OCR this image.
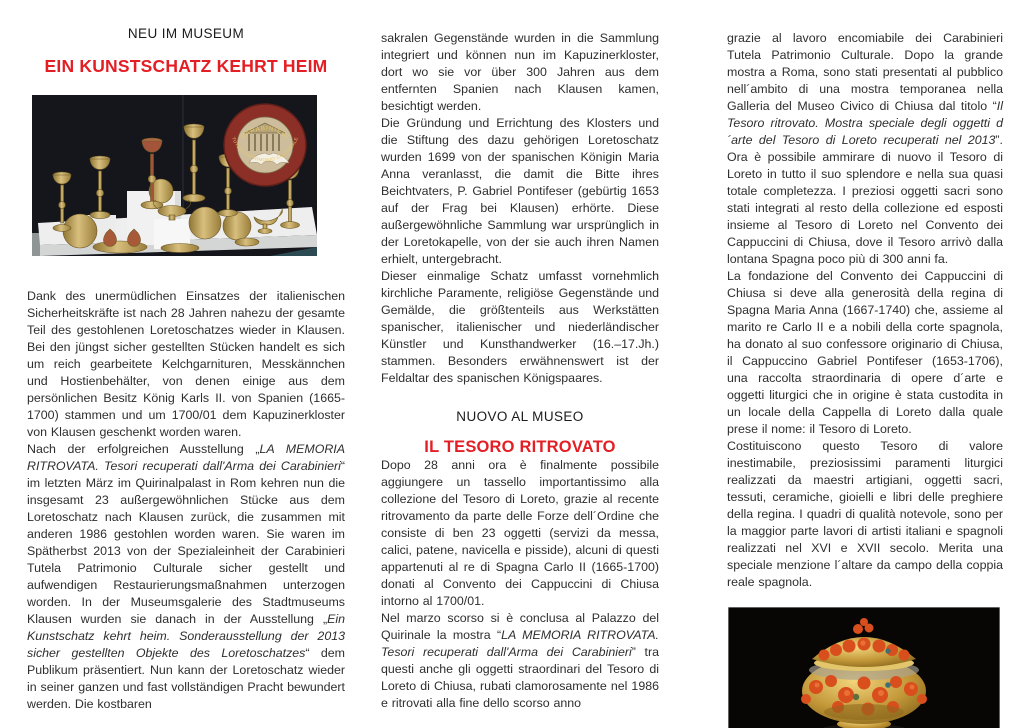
NEU IM MUSEUM

EIN KUNSTSCHATZ KEHRT HEIM

CARABINIERI
TUTELA PATRIMONIO CULTURALE

Dank des unermüdlichen Einsatzes der italienischen Sicherheitskräfte ist nach 28 Jahren nahezu der gesamte Teil des gestohlenen Loretoschatzes wieder in Klausen. Bei den jüngst sicher gestellten Stücken handelt es sich um reich gearbeitete Kelchgarnituren, Messkännchen und Hostienbehälter, von denen einige aus dem persönlichen Besitz König Karls II. von Spanien (1665-1700) stammen und um 1700/01 dem Kapuzinerkloster von Klausen geschenkt worden waren.

Nach der erfolgreichen Ausstellung „LA MEMORIA RITROVATA. Tesori recuperati dall'Arma dei Carabinieri“ im letzten März im Quirinalpalast in Rom kehren nun die insgesamt 23 außergewöhnlichen Stücke aus dem Loretoschatz nach Klausen zurück, die zusammen mit anderen 1986 gestohlen worden waren. Sie waren im Spätherbst 2013 von der Spezialeinheit der Carabinieri Tutela Patrimonio Culturale sicher gestellt und aufwendigen Restaurierungsmaßnahmen unterzogen worden. In der Museumsgalerie des Stadtmuseums Klausen wurden sie danach in der Ausstellung „Ein Kunstschatz kehrt heim. Sonderausstellung der 2013 sicher gestellten Objekte des Loretoschatzes“ dem Publikum präsentiert. Nun kann der Loretoschatz wieder in seiner ganzen und fast vollständigen Pracht bewundert werden. Die kostbaren

sakralen Gegenstände wurden in die Sammlung integriert und können nun im Kapuzinerkloster, dort wo sie vor über 300 Jahren aus dem entfernten Spanien nach Klausen kamen, besichtigt werden.

Die Gründung und Errichtung des Klosters und die Stiftung des dazu gehörigen Loretoschatz wurden 1699 von der spanischen Königin Maria Anna veranlasst, die damit die Bitte ihres Beichtvaters, P. Gabriel Pontifeser (gebürtig 1653 auf der Frag bei Klausen) erhörte. Diese außergewöhnliche Sammlung war ursprünglich in der Loretokapelle, von der sie auch ihren Namen erhielt, untergebracht.

Dieser einmalige Schatz umfasst vornehmlich kirchliche Paramente, religiöse Gegenstände und Gemälde, die größtenteils aus Werkstätten spanischer, italienischer und niederländischer Künstler und Kunsthandwerker (16.–17.Jh.) stammen. Besonders erwähnenswert ist der Feldaltar des spanischen Königspaares.

NUOVO AL MUSEO

IL TESORO RITROVATO

Dopo 28 anni ora è finalmente possibile aggiungere un tassello importantissimo alla collezione del Tesoro di Loreto, grazie al recente ritrovamento da parte delle Forze dell´Ordine che consiste di ben 23 oggetti (servizi da messa, calici, patene, navicella e pisside), alcuni di questi appartenuti al re di Spagna Carlo II (1665-1700) donati al Convento dei Cappuccini di Chiusa intorno al 1700/01.

Nel marzo scorso si è conclusa al Palazzo del Quirinale la mostra “LA MEMORIA RITROVATA. Tesori recuperati dall'Arma dei Carabinieri” tra questi anche gli oggetti straordinari del Tesoro di Loreto di Chiusa, rubati clamorosamente nel 1986 e ritrovati alla fine dello scorso anno

grazie al lavoro encomiabile dei Carabinieri Tutela Patrimonio Culturale. Dopo la grande mostra a Roma, sono stati presentati al pubblico nell´ambito di una mostra temporanea nella Galleria del Museo Civico di Chiusa dal titolo “Il Tesoro ritrovato. Mostra speciale degli oggetti d´arte del Tesoro di Loreto recuperati nel 2013”. Ora è possibile ammirare di nuovo il Tesoro di Loreto in tutto il suo splendore e nella sua quasi totale completezza. I preziosi oggetti sacri sono stati integrati al resto della collezione ed esposti insieme al Tesoro di Loreto nel Convento dei Cappuccini di Chiusa, dove il Tesoro arrivò dalla lontana Spagna poco più di 300 anni fa.

La fondazione del Convento dei Cappuccini di Chiusa si deve alla generosità della regina di Spagna Maria Anna (1667-1740) che, assieme al marito re Carlo II e a nobili della corte spagnola, ha donato al suo confessore originario di Chiusa, il Cappuccino Gabriel Pontifeser (1653-1706), una raccolta straordinaria di opere d´arte e oggetti liturgici che in origine è stata custodita in un locale della Cappella di Loreto dalla quale prese il nome: il Tesoro di Loreto.

Costituiscono questo Tesoro di valore inestimabile, preziosissimi paramenti liturgici realizzati da maestri artigiani, oggetti sacri, tessuti, ceramiche, gioielli e libri delle preghiere della regina. I quadri di qualità notevole, sono per la maggior parte lavori di artisti italiani e spagnoli realizzati nel XVI e XVII secolo. Merita una speciale menzione l´altare da campo della coppia reale spagnola.
